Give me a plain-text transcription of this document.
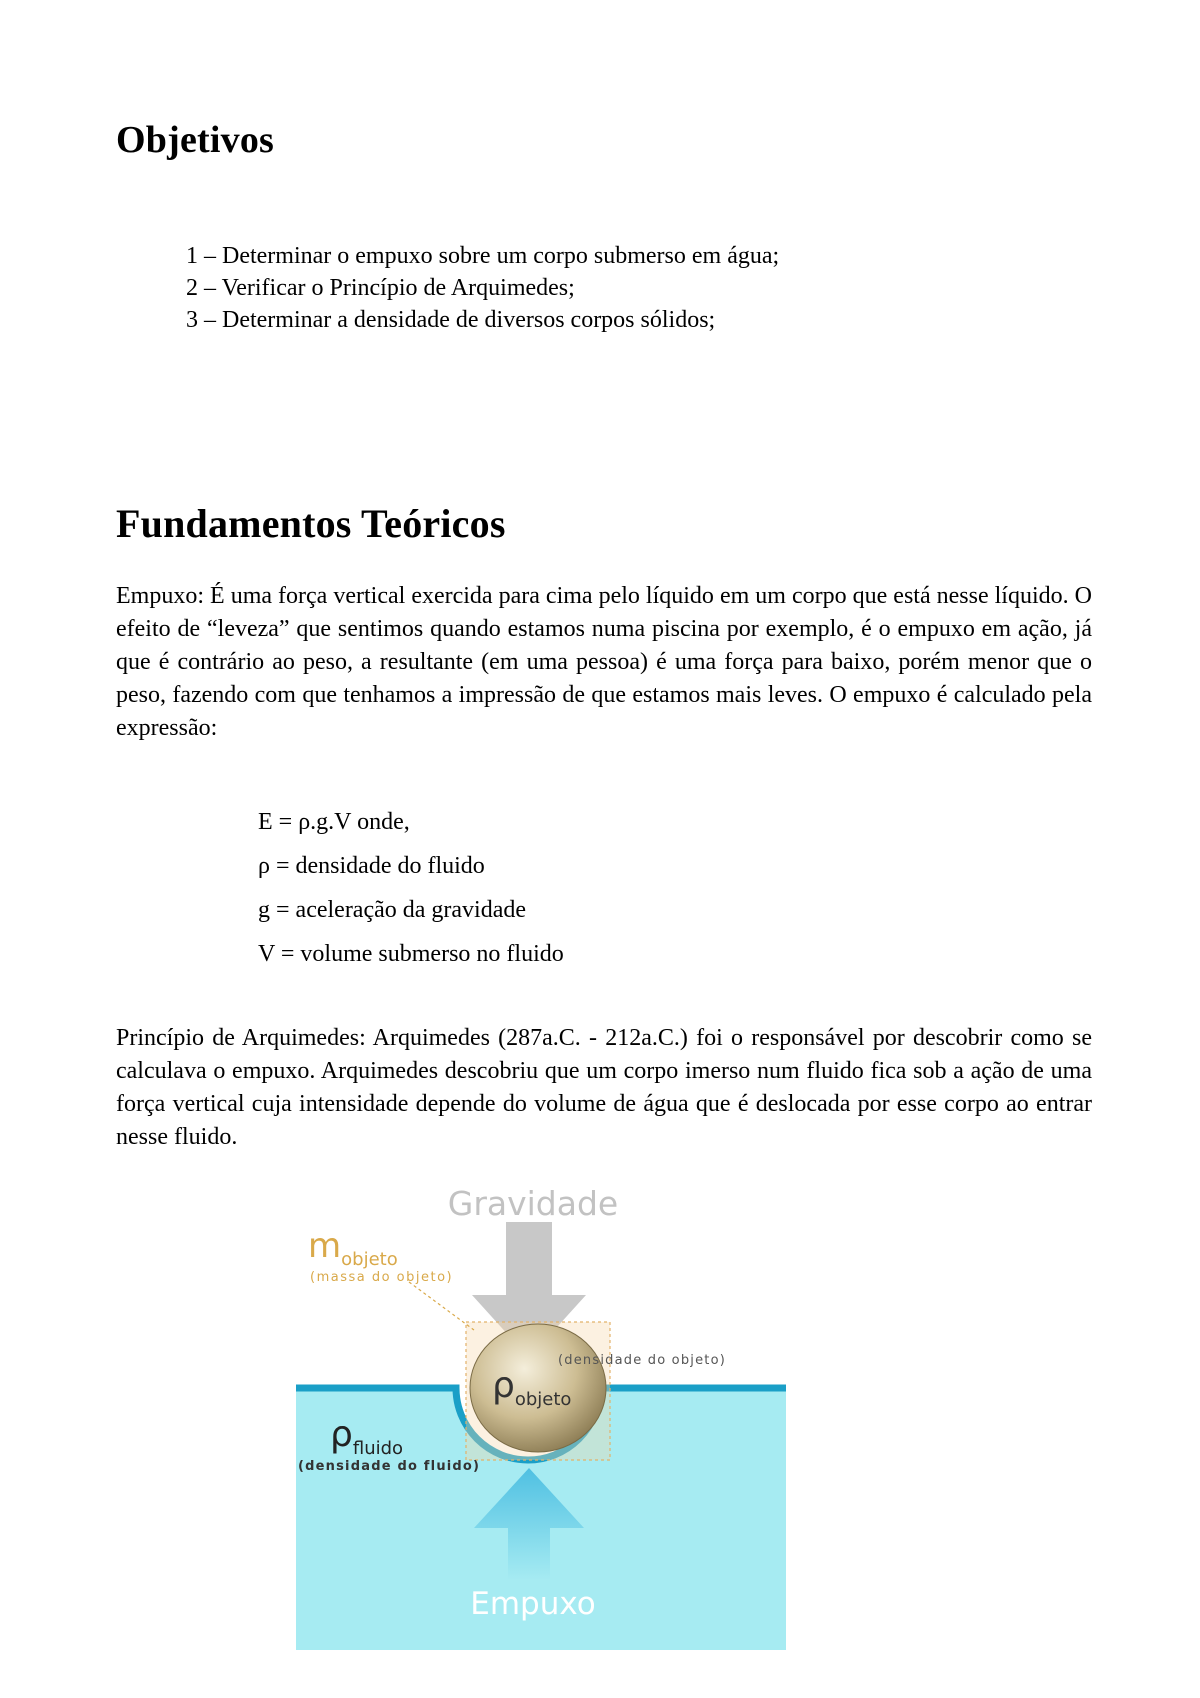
Objetivos
1 – Determinar o empuxo sobre um corpo submerso em água;
2 – Verificar o Princípio de Arquimedes;
3 – Determinar a densidade de diversos corpos sólidos;
Fundamentos Teóricos

Empuxo: É uma força vertical exercida para cima pelo líquido em um corpo que está nesse líquido. O efeito de “leveza” que sentimos quando estamos numa piscina por exemplo, é o empuxo em ação, já que é contrário ao peso, a resultante (em uma pessoa) é uma força para baixo, porém menor que o peso, fazendo com que tenhamos a impressão de que estamos mais leves. O empuxo é calculado pela expressão:

E = ρ.g.V onde,
ρ = densidade do fluido
g = aceleração da gravidade
V = volume submerso no fluido

Princípio de Arquimedes: Arquimedes (287a.C. - 212a.C.) foi o responsável por descobrir como se calculava o empuxo. Arquimedes descobriu que um corpo imerso num fluido fica sob a ação de uma força vertical cuja intensidade depende do volume de água que é deslocada por esse corpo ao entrar nesse fluido.

Gravidade
Empuxo
mobjeto
(massa do objeto)
ρobjeto
(densidade do objeto)
ρfluido
(densidade do fluido)
